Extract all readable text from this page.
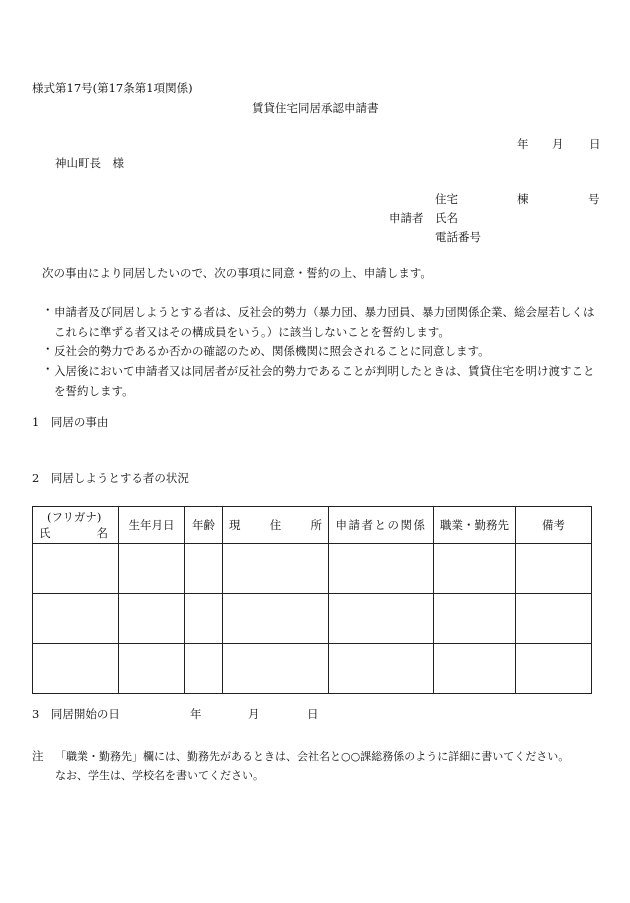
様式第17号(第17条第1項関係)
賃貸住宅同居承認申請書
年 月 日
神山町長　様
住宅	棟	号
申請者 氏名
電話番号
次の事由により同居したいので、次の事項に同意・誓約の上、申請します。
・ 申請者及び同居しようとする者は、反社会的勢力（暴力団、暴力団員、暴力団関係企業、総会屋若しくはこれらに準ずる者又はその構成員をいう。）に該当しないことを誓約します。
・ 反社会的勢力であるか否かの確認のため、関係機関に照会されることに同意します。
・ 入居後において申請者又は同居者が反社会的勢力であることが判明したときは、賃貸住宅を明け渡すことを誓約します。
1　同居の事由
2　同居しようとする者の状況
(フリガナ)
氏 名	生年月日	年齢	現 住 所	申請者との関係	職業・勤務先	備考

3　同居開始の日	年	月	日
注 「職業・勤務先」欄には、勤務先があるときは、会社名と○○課総務係のように詳細に書いてください。
なお、学生は、学校名を書いてください。
